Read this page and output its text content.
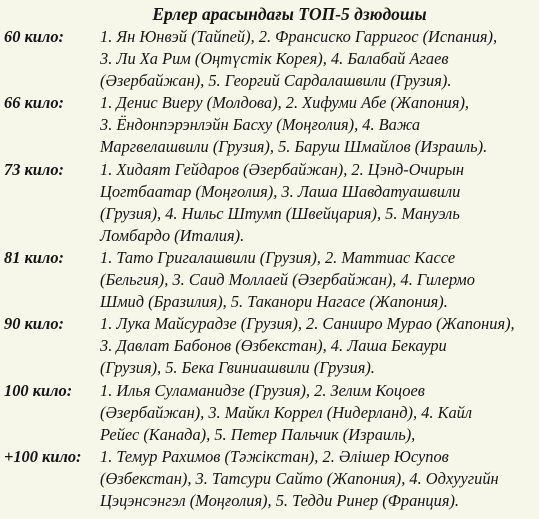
Ерлер арасындағы ТОП-5 дзюдошы
60 кило:	1. Ян Юнвэй (Тайпей), 2. Франсиско Гарригос (Испания),
3. Ли Ха Рим (Оңтүстік Корея), 4. Балабай Агаев
(Әзербайжан), 5. Георгий Сардалашвили (Грузия).
66 кило:	1. Денис Виеру (Молдова), 2. Хифуми Абе (Жапония),
3. Ёндонпэрэнлэйн Басху (Моңғолия), 4. Важа
Маргвелашвили (Грузия), 5. Баруш Шмайлов (Израиль).
73 кило:	1. Хидаят Гейдаров (Әзербайжан), 2. Цэнд-Очирын
Цогтбаатар (Моңғолия), 3. Лаша Шавдатуашвили
(Грузия), 4. Нильс Штумп (Швейцария), 5. Мануэль
Ломбардо (Италия).
81 кило:	1. Тато Григалашвили (Грузия), 2. Маттиас Кассе
(Бельгия), 3. Саид Моллаей (Әзербайжан), 4. Гилермо
Шмид (Бразилия), 5. Таканори Нагасе (Жапония).
90 кило:	1. Лука Майсурадзе (Грузия), 2. Санииро Мурао (Жапония),
3. Давлат Бабонов (Өзбекстан), 4. Лаша Бекаури
(Грузия), 5. Бека Гвиниашвили (Грузия).
100 кило:	1. Илья Суламанидзе (Грузия), 2. Зелим Коцоев
(Әзербайжан), 3. Майкл Коррел (Нидерланд), 4. Кайл
Рейес (Канада), 5. Петер Пальчик (Израиль),
+100 кило:	1. Темур Рахимов (Тәжікстан), 2. Әлішер Юсупов
(Өзбекстан), 3. Татсури Сайто (Жапония), 4. Одхуугийн
Цэцэнсэнгэл (Моңғолия), 5. Тедди Ринер (Франция).
